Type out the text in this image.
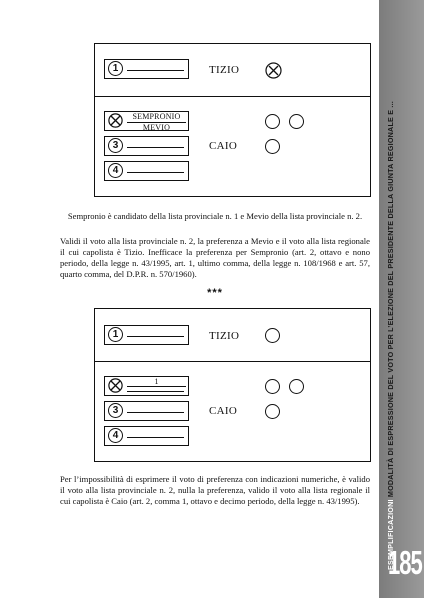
1	TIZIO
SEMPRONIO
MEVIO
3
4
CAIO
Sempronio è candidato della lista provinciale n. 1 e Mevio della lista provinciale n. 2.
Validi il voto alla lista provinciale n. 2, la preferenza a Mevio e il voto alla lista regionale il cui capolista è Tizio. Inefficace la preferenza per Sempronio (art. 2, ottavo e nono periodo, della legge n. 43/1995, art. 1, ultimo comma, della legge n. 108/1968 e art. 57, quarto comma, del D.P.R. n. 570/1960).
***
1	TIZIO
1
3
4
CAIO
Per l’impossibilità di esprimere il voto di preferenza con indicazioni numeriche, è valido il voto alla lista provinciale n. 2, nulla la preferenza, valido il voto alla lista regionale il cui capolista è Caio (art. 2, comma 1, ottavo e decimo periodo, della legge n. 43/1995).	ESEMPLIFICAZIONI MODALITÀ DI ESPRESSIONE DEL VOTO PER L’ELEZIONE DEL PRESIDENTE DELLA GIUNTA REGIONALE E ...
185
